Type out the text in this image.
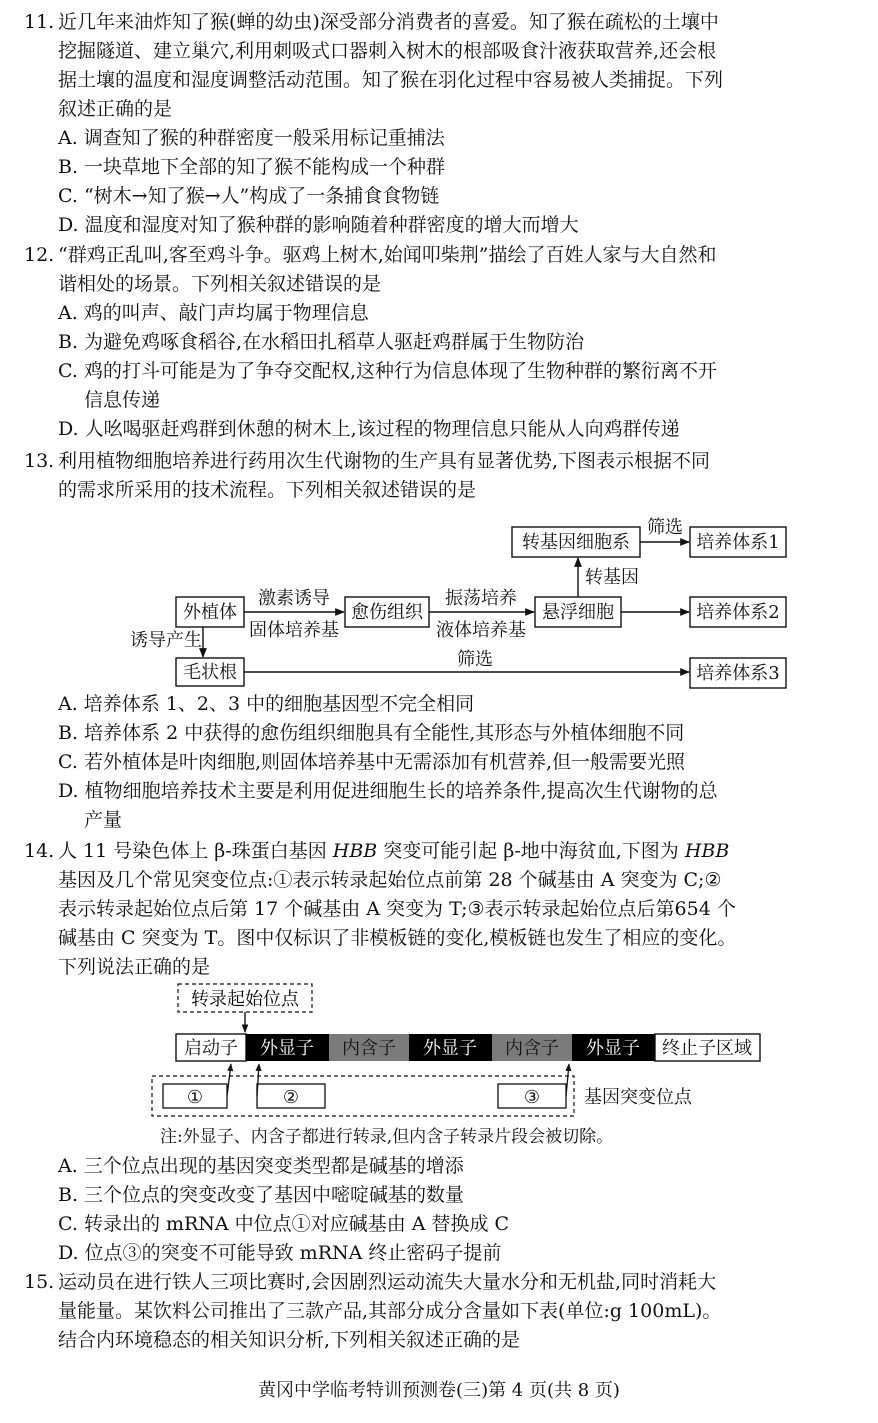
11. 近几年来油炸知了猴(蝉的幼虫)深受部分消费者的喜爱。知了猴在疏松的土壤中
挖掘隧道、建立巢穴,利用刺吸式口器刺入树木的根部吸食汁液获取营养,还会根
据土壤的温度和湿度调整活动范围。知了猴在羽化过程中容易被人类捕捉。下列
叙述正确的是
A. 调查知了猴的种群密度一般采用标记重捕法
B. 一块草地下全部的知了猴不能构成一个种群
C. “树木→知了猴→人”构成了一条捕食食物链
D. 温度和湿度对知了猴种群的影响随着种群密度的增大而增大
12. “群鸡正乱叫,客至鸡斗争。驱鸡上树木,始闻叩柴荆”描绘了百姓人家与大自然和
谐相处的场景。下列相关叙述错误的是
A. 鸡的叫声、敲门声均属于物理信息
B. 为避免鸡啄食稻谷,在水稻田扎稻草人驱赶鸡群属于生物防治
C. 鸡的打斗可能是为了争夺交配权,这种行为信息体现了生物种群的繁衍离不开
信息传递
D. 人吆喝驱赶鸡群到休憩的树木上,该过程的物理信息只能从人向鸡群传递
13. 利用植物细胞培养进行药用次生代谢物的生产具有显著优势,下图表示根据不同
的需求所采用的技术流程。下列相关叙述错误的是
外植体	愈伤组织	悬浮细胞
转基因细胞系
毛状根
培养体系1
培养体系2
培养体系3
激素诱导
固体培养基
振荡培养
液体培养基
转基因
筛选
筛选
诱导产生
A. 培养体系 1、2、3 中的细胞基因型不完全相同
B. 培养体系 2 中获得的愈伤组织细胞具有全能性,其形态与外植体细胞不同
C. 若外植体是叶肉细胞,则固体培养基中无需添加有机营养,但一般需要光照
D. 植物细胞培养技术主要是利用促进细胞生长的培养条件,提高次生代谢物的总
产量
14. 人 11 号染色体上 β-珠蛋白基因 HBB 突变可能引起 β-地中海贫血,下图为 HBB
基因及几个常见突变位点:①表示转录起始位点前第 28 个碱基由 A 突变为 C;②
表示转录起始位点后第 17 个碱基由 A 突变为 T;③表示转录起始位点后第654 个
碱基由 C 突变为 T。图中仅标识了非模板链的变化,模板链也发生了相应的变化。
下列说法正确的是
转录起始位点
启动子 外显子 内含子 外显子 内含子 外显子 终止子区域
①	②	③ 基因突变位点
注:外显子、内含子都进行转录,但内含子转录片段会被切除。
A. 三个位点出现的基因突变类型都是碱基的增添
B. 三个位点的突变改变了基因中嘧啶碱基的数量
C. 转录出的 mRNA 中位点①对应碱基由 A 替换成 C
D. 位点③的突变不可能导致 mRNA 终止密码子提前
15. 运动员在进行铁人三项比赛时,会因剧烈运动流失大量水分和无机盐,同时消耗大
量能量。某饮料公司推出了三款产品,其部分成分含量如下表(单位:g 100mL)。
结合内环境稳态的相关知识分析,下列相关叙述正确的是
黄冈中学临考特训预测卷(三)第 4 页(共 8 页)
